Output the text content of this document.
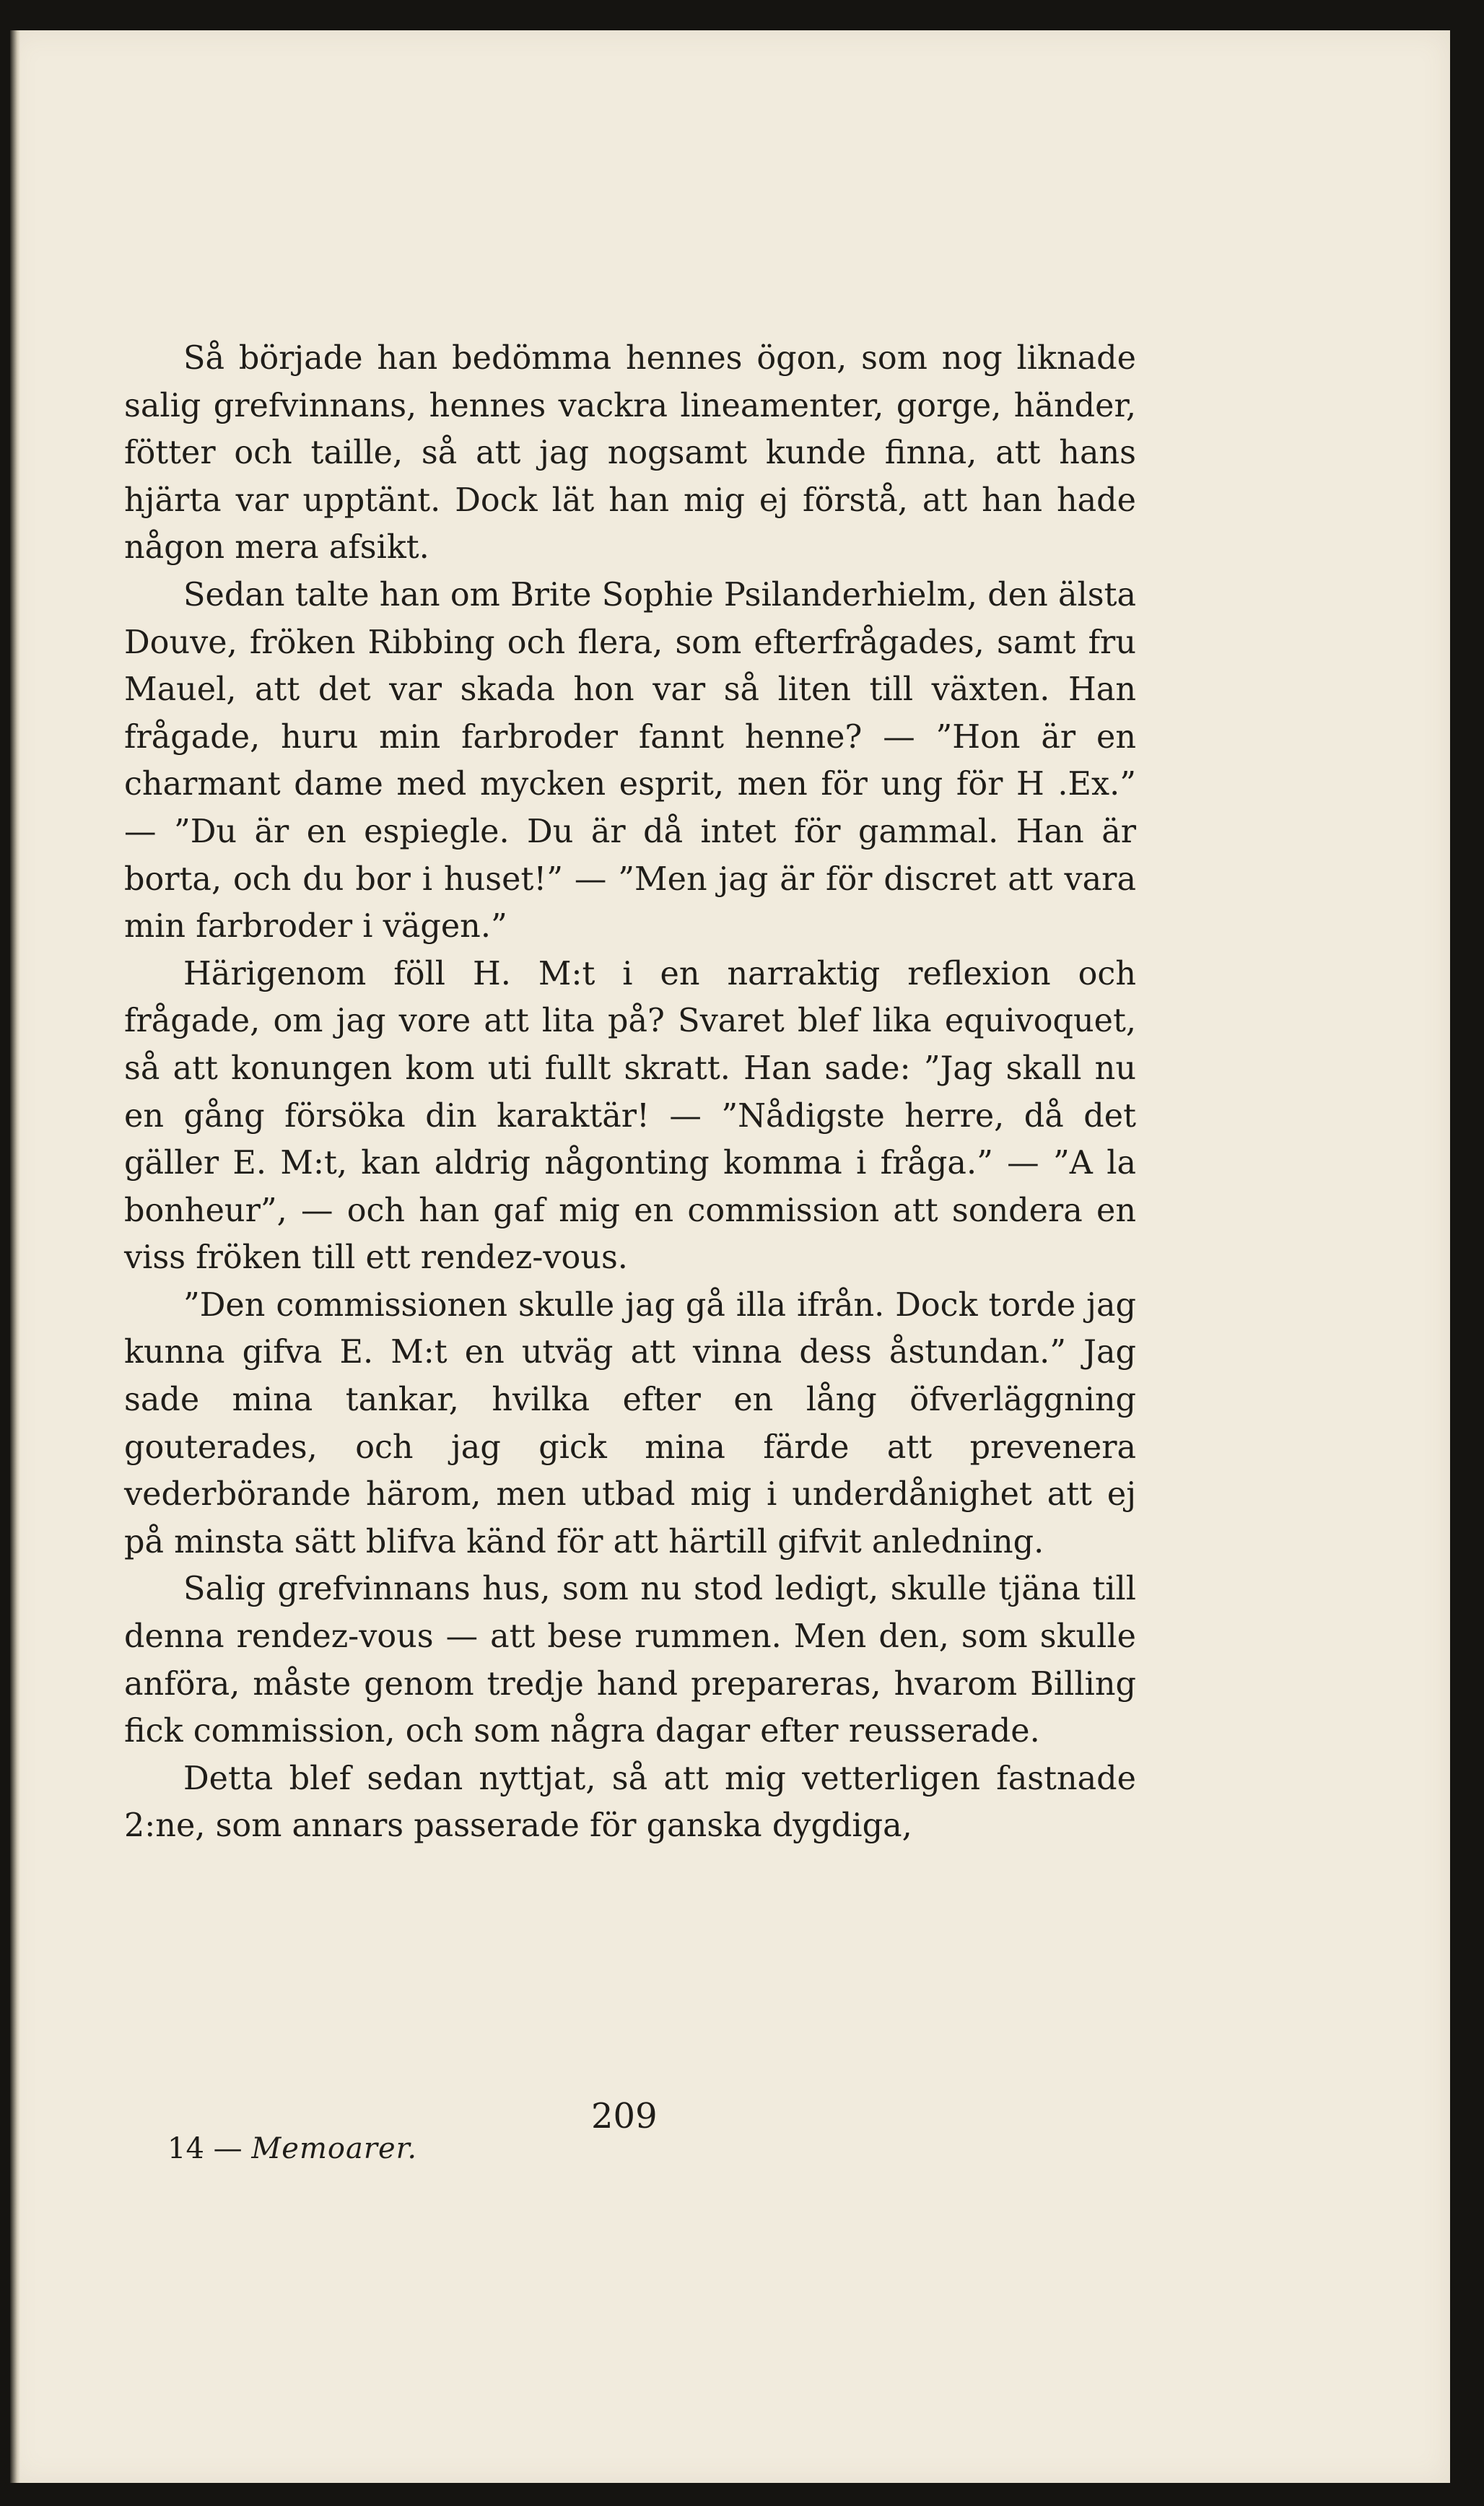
Så började han bedömma hennes ögon, som nog liknade salig grefvinnans, hennes vackra lineamenter, gorge, händer, fötter och taille, så att jag nogsamt kunde finna, att hans hjärta var upptänt. Dock lät han mig ej förstå, att han hade någon mera afsikt.

Sedan talte han om Brite Sophie Psilanderhielm, den älsta Douve, fröken Ribbing och flera, som efterfrågades, samt fru Mauel, att det var skada hon var så liten till växten. Han frågade, huru min farbroder fannt henne? — ”Hon är en charmant dame med mycken esprit, men för ung för H .Ex.” — ”Du är en espiegle. Du är då intet för gammal. Han är borta, och du bor i huset!” — ”Men jag är för discret att vara min farbroder i vägen.”

Härigenom föll H. M:t i en narraktig reflexion och frågade, om jag vore att lita på? Svaret blef lika equivoquet, så att konungen kom uti fullt skratt. Han sade: ”Jag skall nu en gång försöka din karaktär! — ”Nådigste herre, då det gäller E. M:t, kan aldrig någonting komma i fråga.” — ”A la bonheur”, — och han gaf mig en commission att sondera en viss fröken till ett rendez-vous.

”Den commissionen skulle jag gå illa ifrån. Dock torde jag kunna gifva E. M:t en utväg att vinna dess åstundan.” Jag sade mina tankar, hvilka efter en lång öfverläggning gouterades, och jag gick mina färde att prevenera vederbörande härom, men utbad mig i underdånighet att ej på minsta sätt blifva känd för att härtill gifvit anledning.

Salig grefvinnans hus, som nu stod ledigt, skulle tjäna till denna rendez-vous — att bese rummen. Men den, som skulle anföra, måste genom tredje hand prepareras, hvarom Billing fick commission, och som några dagar efter reusserade.

Detta blef sedan nyttjat, så att mig vetterligen fastnade 2:ne, som annars passerade för ganska dygdiga,

209
14 — Memoarer.
